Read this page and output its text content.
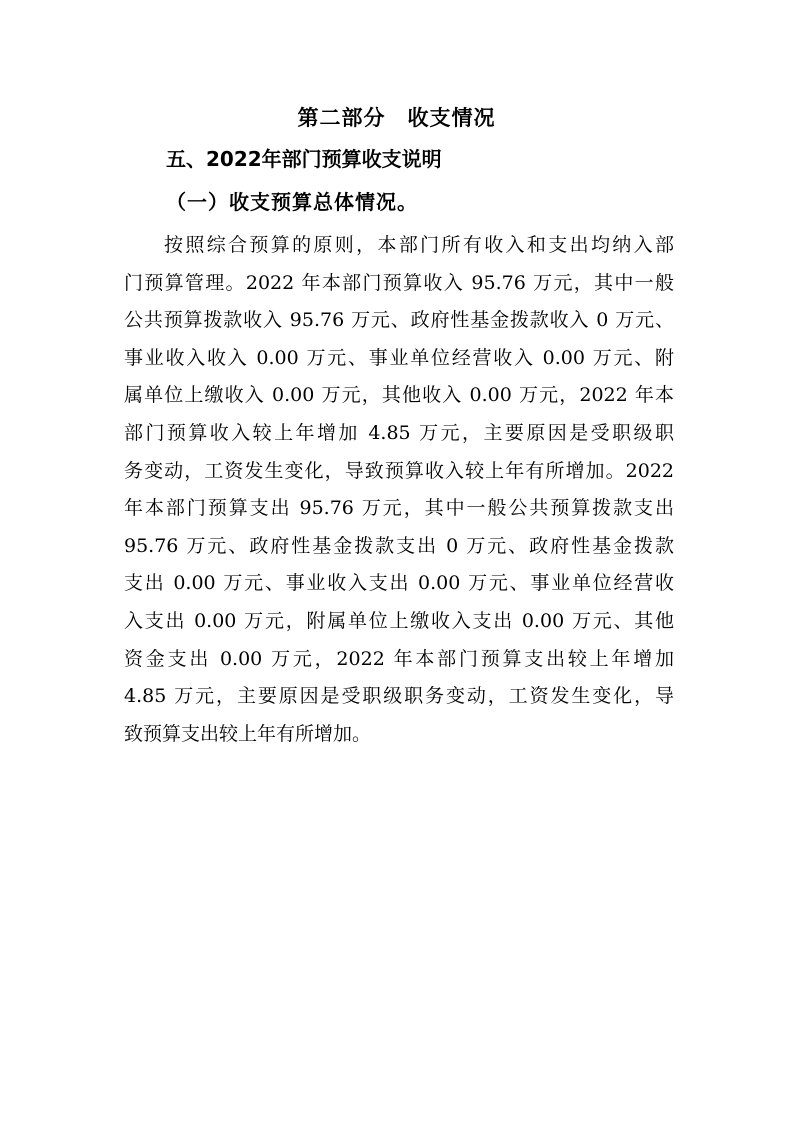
第二部分　收支情况
五、2022年部门预算收支说明
（一）收支预算总体情况。
按照综合预算的原则，本部门所有收入和支出均纳入部
门预算管理。2022 年本部门预算收入 95.76 万元，其中一般
公共预算拨款收入 95.76 万元、政府性基金拨款收入 0 万元、
事业收入收入 0.00 万元、事业单位经营收入 0.00 万元、附
属单位上缴收入 0.00 万元，其他收入 0.00 万元，2022 年本
部门预算收入较上年增加 4.85 万元，主要原因是受职级职
务变动，工资发生变化，导致预算收入较上年有所增加。2022
年本部门预算支出 95.76 万元，其中一般公共预算拨款支出
95.76 万元、政府性基金拨款支出 0 万元、政府性基金拨款
支出 0.00 万元、事业收入支出 0.00 万元、事业单位经营收
入支出 0.00 万元，附属单位上缴收入支出 0.00 万元、其他
资金支出 0.00 万元，2022 年本部门预算支出较上年增加
4.85 万元，主要原因是受职级职务变动，工资发生变化，导
致预算支出较上年有所增加。
